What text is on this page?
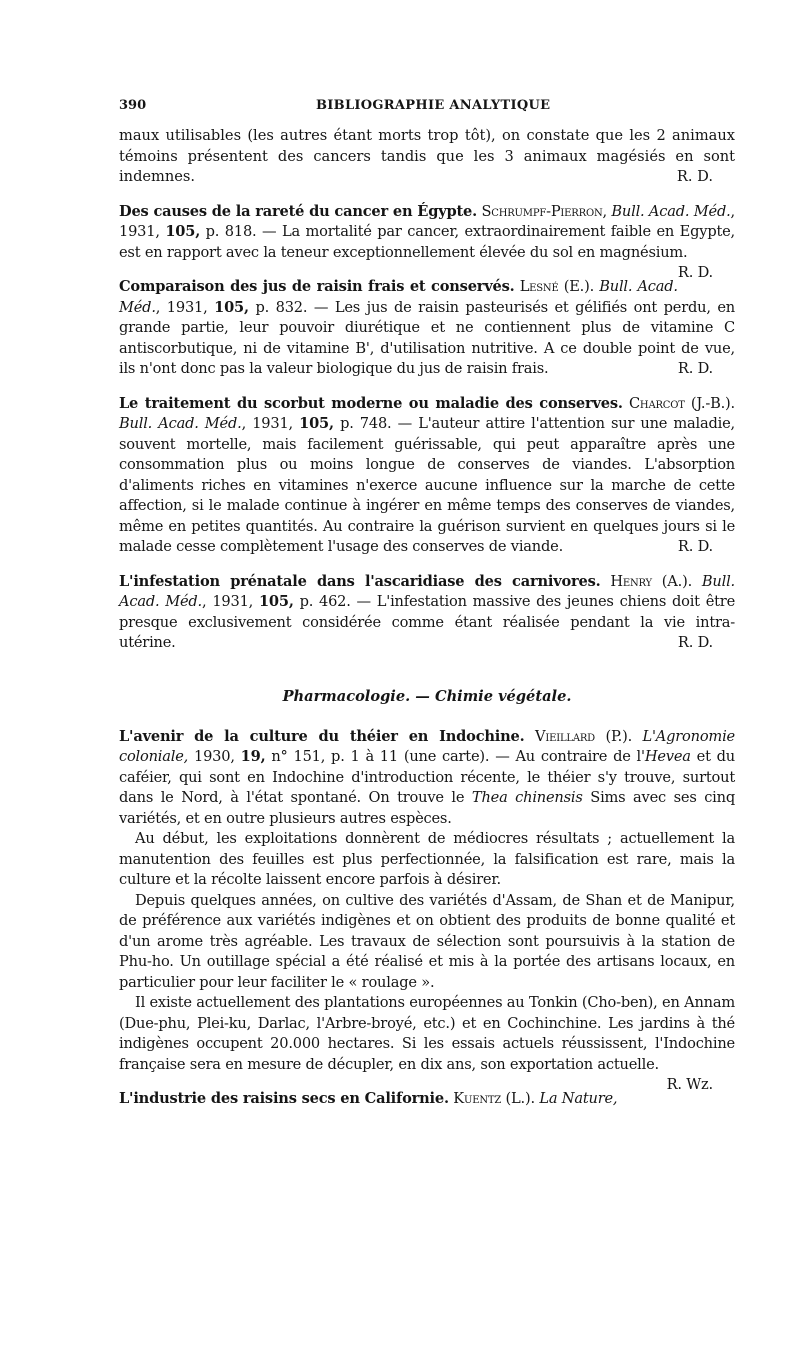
390	BIBLIOGRAPHIE ANALYTIQUE

maux utilisables (les autres étant morts trop tôt), on constate que les 2 animaux témoins présentent des cancers tandis que les 3 animaux magésiés en sont indemnes.	R. D.

Des causes de la rareté du cancer en Égypte. Schrumpf-Pierron, Bull. Acad. Méd., 1931, 105, p. 818. — La mortalité par cancer, extraordinairement faible en Egypte, est en rapport avec la teneur exceptionnellement élevée du sol en magnésium.
R. D.

Comparaison des jus de raisin frais et conservés. Lesné (E.). Bull. Acad. Méd., 1931, 105, p. 832. — Les jus de raisin pasteurisés et gélifiés ont perdu, en grande partie, leur pouvoir diurétique et ne contiennent plus de vitamine C antiscorbutique, ni de vitamine B', d'utilisation nutritive. A ce double point de vue, ils n'ont donc pas la valeur biologique du jus de raisin frais.	R. D.

Le traitement du scorbut moderne ou maladie des conserves. Charcot (J.-B.). Bull. Acad. Méd., 1931, 105, p. 748. — L'auteur attire l'attention sur une maladie, souvent mortelle, mais facilement guérissable, qui peut apparaître après une consommation plus ou moins longue de conserves de viandes. L'absorption d'aliments riches en vitamines n'exerce aucune influence sur la marche de cette affection, si le malade continue à ingérer en même temps des conserves de viandes, même en petites quantités. Au contraire la guérison survient en quelques jours si le malade cesse complètement l'usage des conserves de viande.	R. D.

L'infestation prénatale dans l'ascaridiase des carnivores. Henry (A.). Bull. Acad. Méd., 1931, 105, p. 462. — L'infestation massive des jeunes chiens doit être presque exclusivement considérée comme étant réalisée pendant la vie intra-utérine.	R. D.

Pharmacologie. — Chimie végétale.

L'avenir de la culture du théier en Indochine. Vieillard (P.). L'Agronomie coloniale, 1930, 19, n° 151, p. 1 à 11 (une carte). — Au contraire de l'Hevea et du caféier, qui sont en Indochine d'introduction récente, le théier s'y trouve, surtout dans le Nord, à l'état spontané. On trouve le Thea chinensis Sims avec ses cinq variétés, et en outre plusieurs autres espèces.

Au début, les exploitations donnèrent de médiocres résultats ; actuellement la manutention des feuilles est plus perfectionnée, la falsification est rare, mais la culture et la récolte laissent encore parfois à désirer.

Depuis quelques années, on cultive des variétés d'Assam, de Shan et de Manipur, de préférence aux variétés indigènes et on obtient des produits de bonne qualité et d'un arome très agréable. Les travaux de sélection sont poursuivis à la station de Phu-ho. Un outillage spécial a été réalisé et mis à la portée des artisans locaux, en particulier pour leur faciliter le « roulage ».

Il existe actuellement des plantations européennes au Tonkin (Cho-ben), en Annam (Due-phu, Plei-ku, Darlac, l'Arbre-broyé, etc.) et en Cochinchine. Les jardins à thé indigènes occupent 20.000 hectares. Si les essais actuels réussissent, l'Indochine française sera en mesure de décupler, en dix ans, son exportation actuelle.
R. Wz.

L'industrie des raisins secs en Californie. Kuentz (L.). La Nature,
